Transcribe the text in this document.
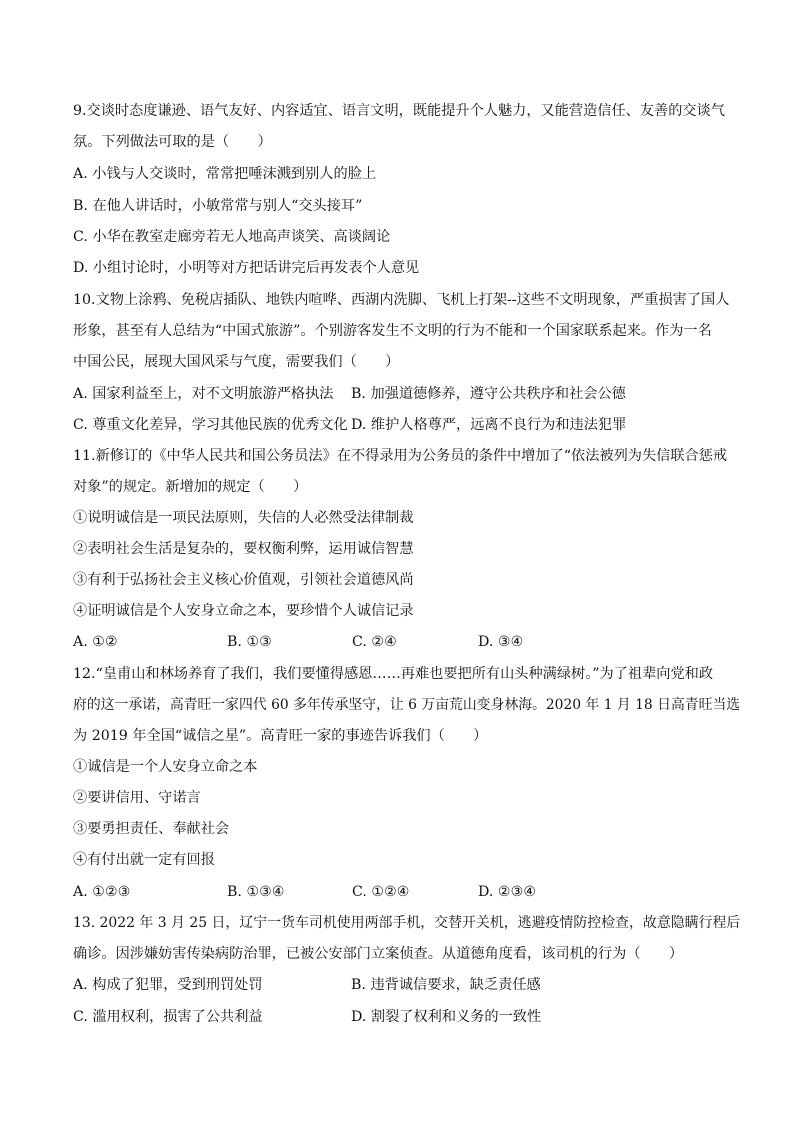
9.交谈时态度谦逊、语气友好、内容适宜、语言文明，既能提升个人魅力，又能营造信任、友善的交谈气
氛。下列做法可取的是（　　）
A. 小钱与人交谈时，常常把唾沫溅到别人的脸上
B. 在他人讲话时，小敏常常与别人“交头接耳”
C. 小华在教室走廊旁若无人地高声谈笑、高谈阔论
D. 小组讨论时，小明等对方把话讲完后再发表个人意见
10.文物上涂鸦、免税店插队、地铁内喧哗、西湖内洗脚、飞机上打架--这些不文明现象，严重损害了国人
形象，甚至有人总结为“中国式旅游”。个别游客发生不文明的行为不能和一个国家联系起来。作为一名
中国公民，展现大国风采与气度，需要我们（　　）
A. 国家利益至上，对不文明旅游严格执法 B. 加强道德修养，遵守公共秩序和社会公德
C. 尊重文化差异，学习其他民族的优秀文化 D. 维护人格尊严，远离不良行为和违法犯罪
11.新修订的《中华人民共和国公务员法》在不得录用为公务员的条件中增加了“依法被列为失信联合惩戒
对象”的规定。新增加的规定（　　）
①说明诚信是一项民法原则，失信的人必然受法律制裁
②表明社会生活是复杂的，要权衡利弊，运用诚信智慧
③有利于弘扬社会主义核心价值观，引领社会道德风尚
④证明诚信是个人安身立命之本，要珍惜个人诚信记录
A. ①②	B. ①③	C. ②④	D. ③④
12.“皇甫山和林场养育了我们，我们要懂得感恩……再难也要把所有山头种满绿树。”为了祖辈向党和政
府的这一承诺，高青旺一家四代 60 多年传承坚守，让 6 万亩荒山变身林海。2020 年 1 月 18 日高青旺当选
为 2019 年全国“诚信之星”。高青旺一家的事迹告诉我们（　　）
①诚信是一个人安身立命之本
②要讲信用、守诺言
③要勇担责任、奉献社会
④有付出就一定有回报
A. ①②③	B. ①③④	C. ①②④	D. ②③④
13. 2022 年 3 月 25 日，辽宁一货车司机使用两部手机，交替开关机，逃避疫情防控检查，故意隐瞒行程后
确诊。因涉嫌妨害传染病防治罪，已被公安部门立案侦查。从道德角度看，该司机的行为（　　）
A. 构成了犯罪，受到刑罚处罚	B. 违背诚信要求，缺乏责任感
C. 滥用权利，损害了公共利益	D. 割裂了权利和义务的一致性
